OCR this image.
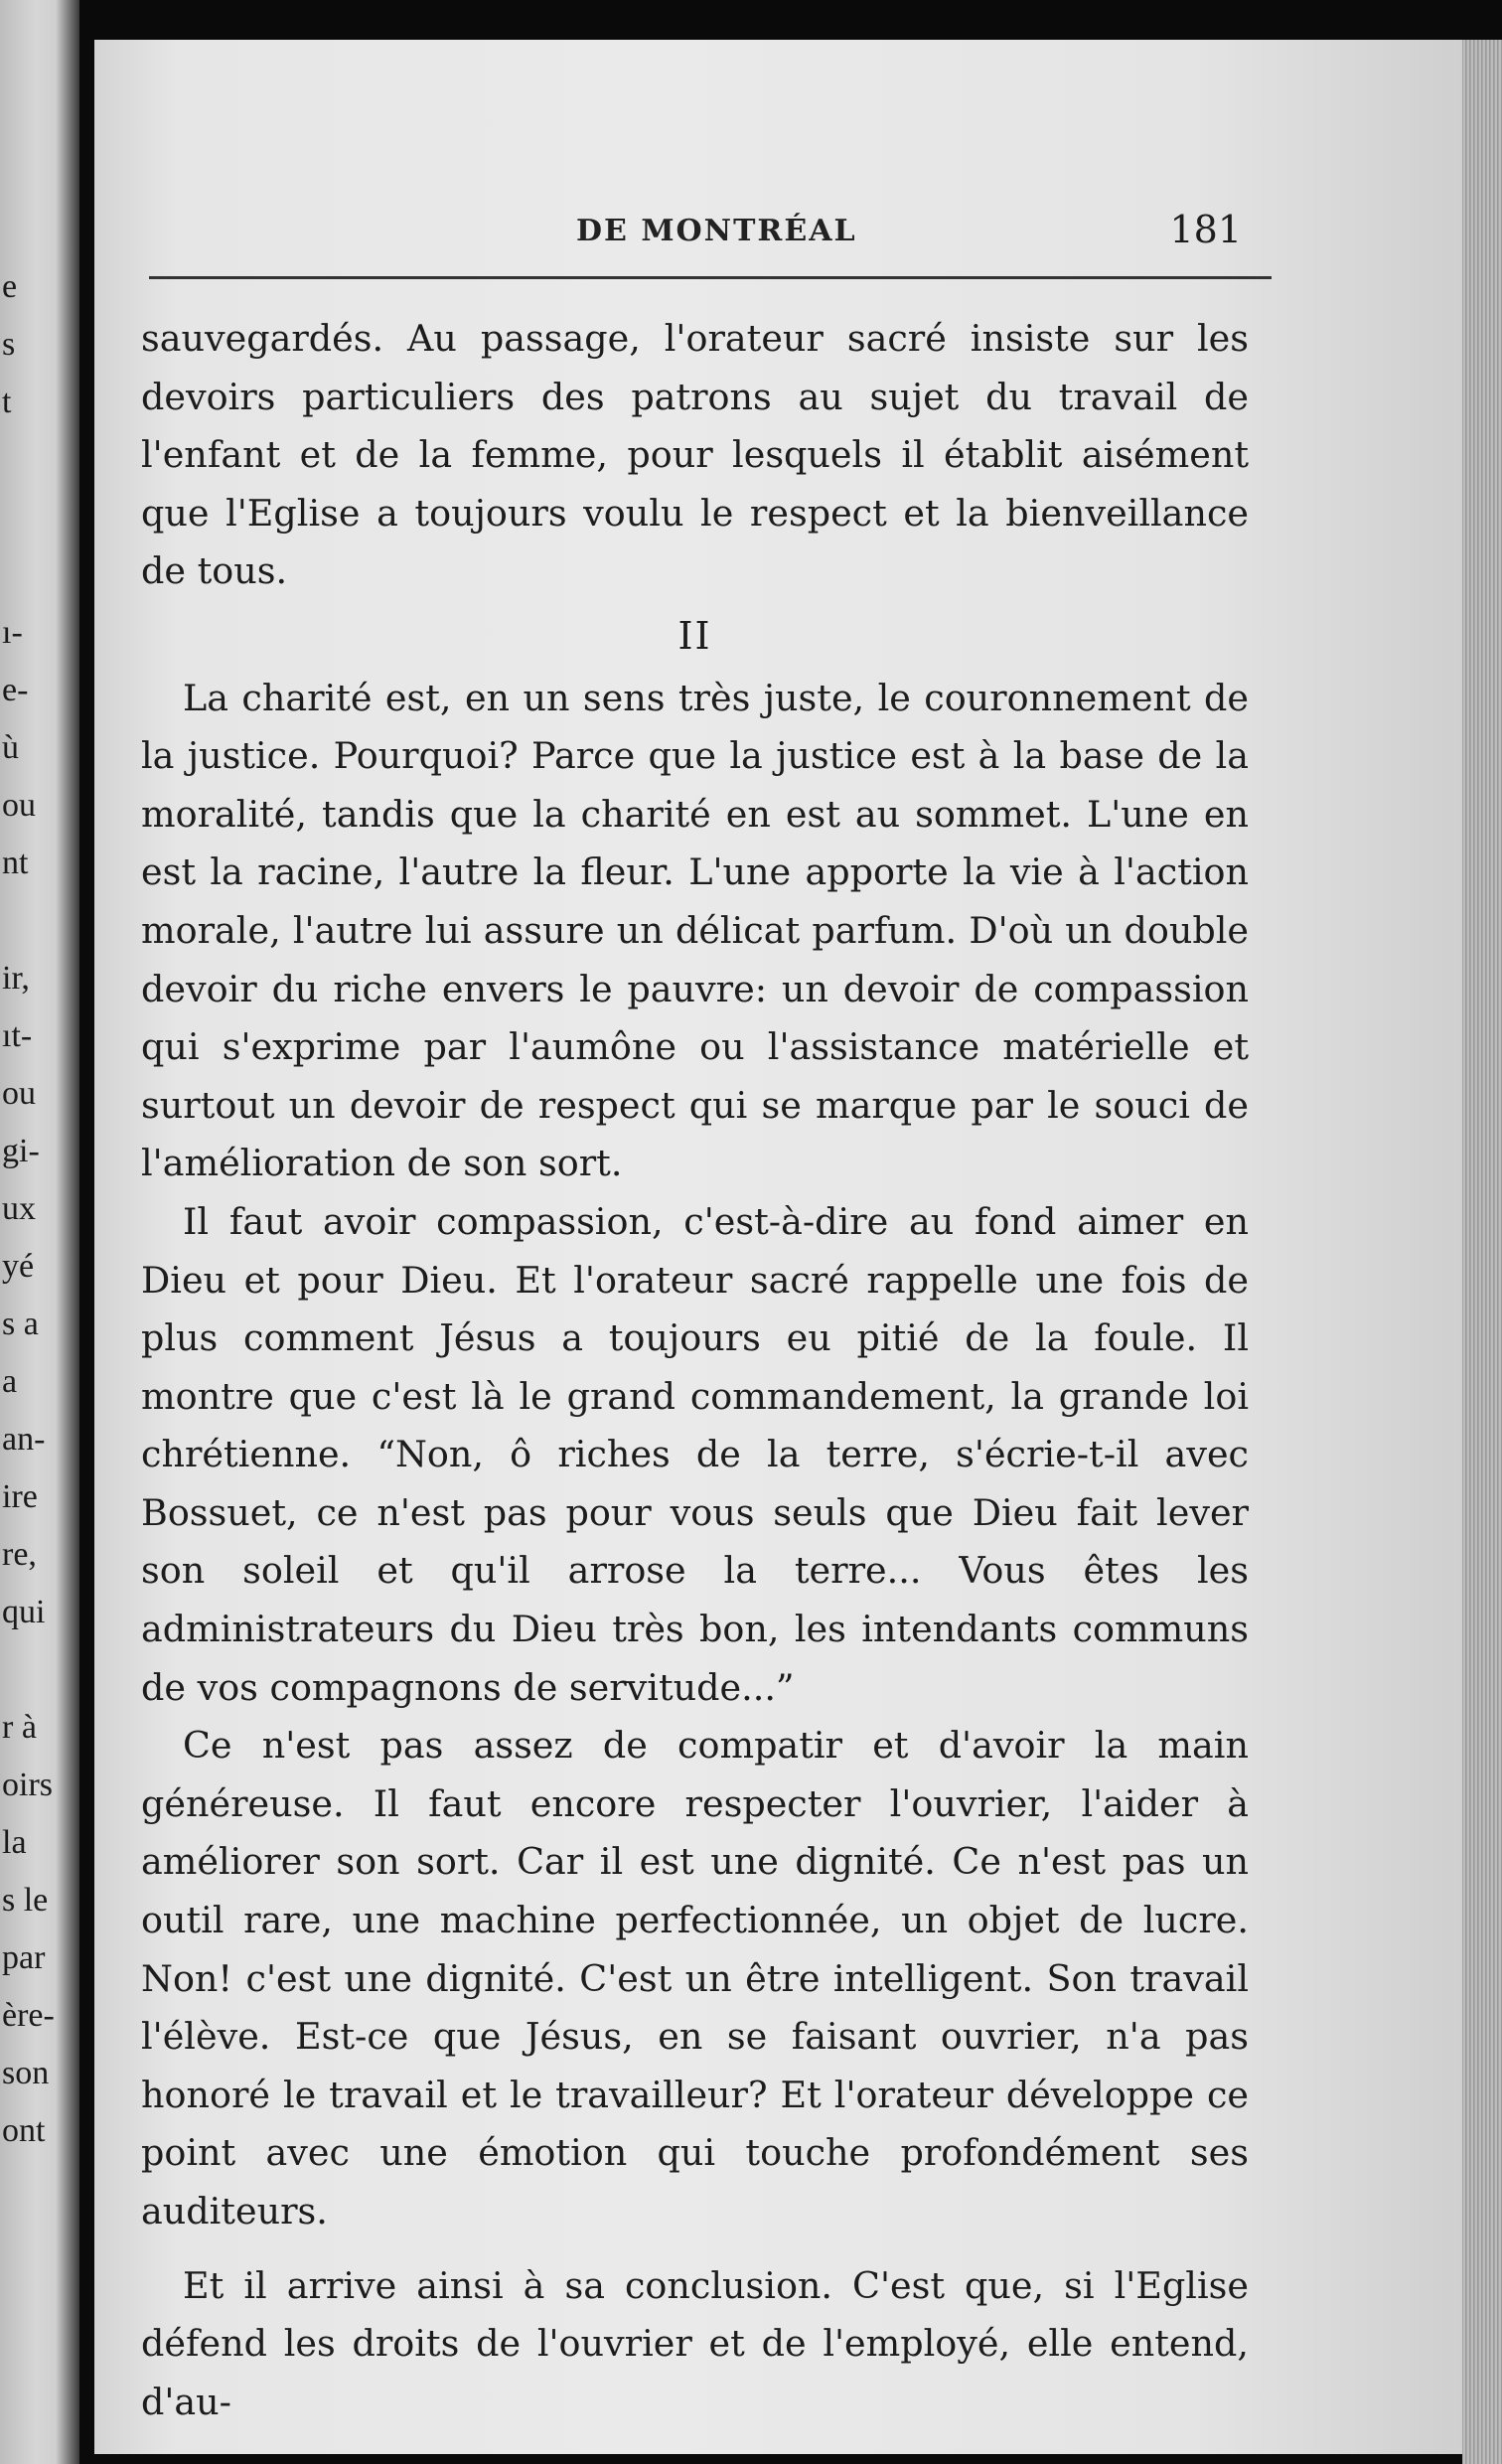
e
s
t
ı-
e-
ù
ou
nt
ir,
ıt-
ou
gi-
ux
yé
s a
a
an-
ire
re,
qui
r à
oirs
la
s le
par
ère-
son
ont
DE MONTRÉAL	181

sauvegardés. Au passage, l'orateur sacré insiste sur les devoirs particuliers des patrons au sujet du travail de l'enfant et de la femme, pour lesquels il établit aisément que l'Eglise a toujours voulu le respect et la bienveillance de tous.

II

La charité est, en un sens très juste, le couronnement de la justice. Pourquoi? Parce que la justice est à la base de la moralité, tandis que la charité en est au sommet. L'une en est la racine, l'autre la fleur. L'une apporte la vie à l'action morale, l'autre lui assure un délicat parfum. D'où un double devoir du riche envers le pauvre: un devoir de compassion qui s'exprime par l'aumône ou l'assistance matérielle et surtout un devoir de respect qui se marque par le souci de l'amélioration de son sort.

Il faut avoir compassion, c'est-à-dire au fond aimer en Dieu et pour Dieu. Et l'orateur sacré rappelle une fois de plus comment Jésus a toujours eu pitié de la foule. Il montre que c'est là le grand commandement, la grande loi chrétienne. “Non, ô riches de la terre, s'écrie-t-il avec Bossuet, ce n'est pas pour vous seuls que Dieu fait lever son soleil et qu'il arrose la terre... Vous êtes les administrateurs du Dieu très bon, les intendants communs de vos compagnons de servitude...”

Ce n'est pas assez de compatir et d'avoir la main généreuse. Il faut encore respecter l'ouvrier, l'aider à améliorer son sort. Car il est une dignité. Ce n'est pas un outil rare, une machine perfectionnée, un objet de lucre. Non! c'est une dignité. C'est un être intelligent. Son travail l'élève. Est-ce que Jésus, en se faisant ouvrier, n'a pas honoré le travail et le travailleur? Et l'orateur développe ce point avec une émotion qui touche profondément ses auditeurs.

Et il arrive ainsi à sa conclusion. C'est que, si l'Eglise défend les droits de l'ouvrier et de l'employé, elle entend, d'au-
